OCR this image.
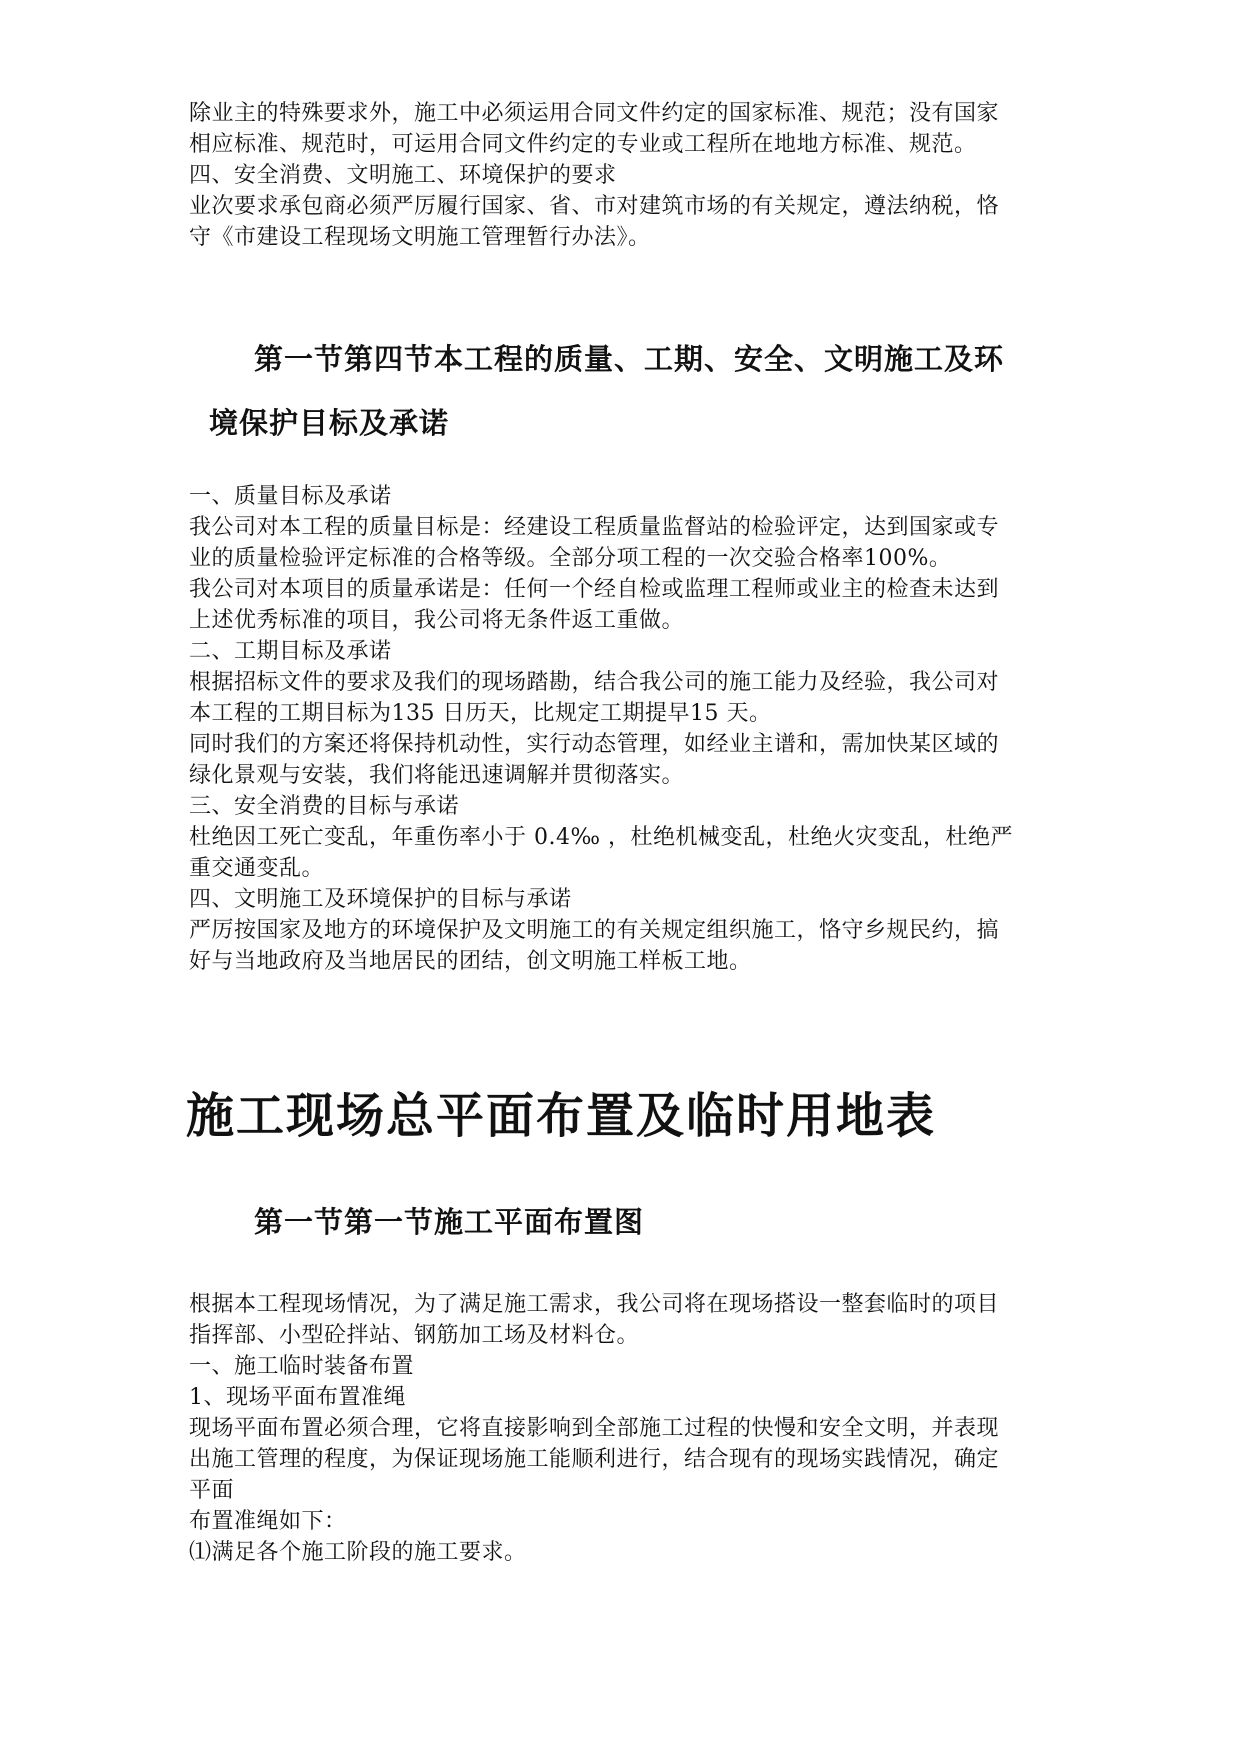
除业主的特殊要求外，施工中必须运用合同文件约定的国家标准、规范；没有国家
相应标准、规范时，可运用合同文件约定的专业或工程所在地地方标准、规范。
四、安全消费、文明施工、环境保护的要求
业次要求承包商必须严厉履行国家、省、市对建筑市场的有关规定，遵法纳税，恪
守《市建设工程现场文明施工管理暂行办法》。
第一节第四节本工程的质量、工期、安全、文明施工及环
境保护目标及承诺
一、质量目标及承诺
我公司对本工程的质量目标是：经建设工程质量监督站的检验评定，达到国家或专
业的质量检验评定标准的合格等级。全部分项工程的一次交验合格率100%。
我公司对本项目的质量承诺是：任何一个经自检或监理工程师或业主的检查未达到
上述优秀标准的项目，我公司将无条件返工重做。
二、工期目标及承诺
根据招标文件的要求及我们的现场踏勘，结合我公司的施工能力及经验，我公司对
本工程的工期目标为135 日历天，比规定工期提早15 天。
同时我们的方案还将保持机动性，实行动态管理，如经业主谱和，需加快某区域的
绿化景观与安装，我们将能迅速调解并贯彻落实。
三、安全消费的目标与承诺
杜绝因工死亡变乱，年重伤率小于 0.4‰ ，杜绝机械变乱，杜绝火灾变乱，杜绝严
重交通变乱。
四、文明施工及环境保护的目标与承诺
严厉按国家及地方的环境保护及文明施工的有关规定组织施工，恪守乡规民约，搞
好与当地政府及当地居民的团结，创文明施工样板工地。
施工现场总平面布置及临时用地表
第一节第一节施工平面布置图
根据本工程现场情况，为了满足施工需求，我公司将在现场搭设一整套临时的项目
指挥部、小型砼拌站、钢筋加工场及材料仓。
一、施工临时装备布置
1、现场平面布置准绳
现场平面布置必须合理，它将直接影响到全部施工过程的快慢和安全文明，并表现
出施工管理的程度，为保证现场施工能顺利进行，结合现有的现场实践情况，确定
平面
布置准绳如下：
⑴满足各个施工阶段的施工要求。
